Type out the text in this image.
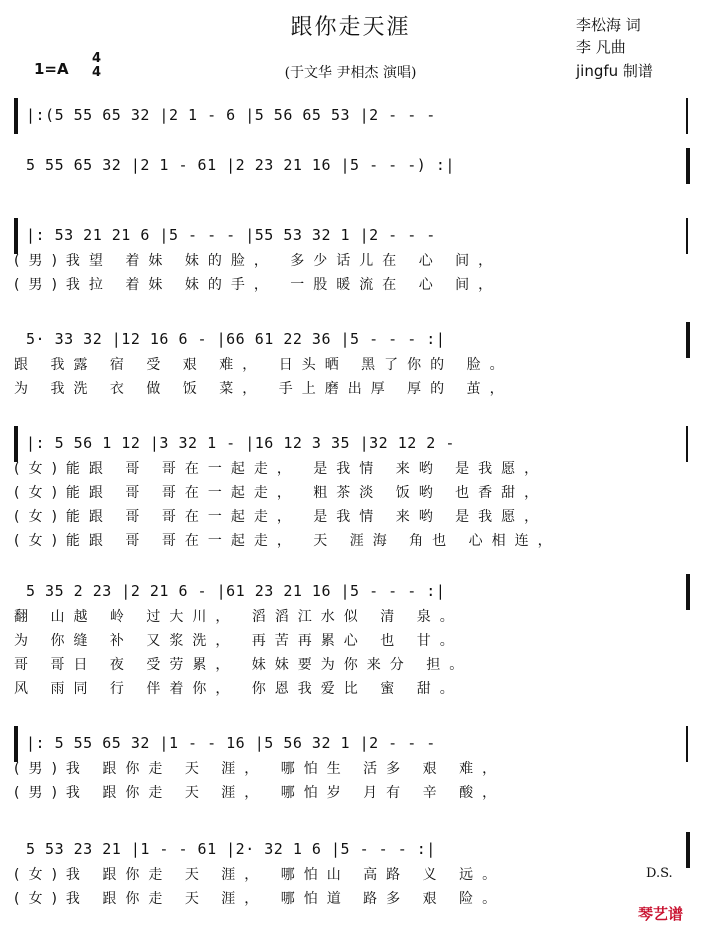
跟你走天涯	李松海 词
李 凡曲
jingfu 制谱
1=A
4
4	(于文华 尹相杰 演唱)
|:(5 55 65 32 |2 1 - 6 |5 56 65 53 |2 - - -
5 55 65 32 |2 1 - 61 |2 23 21 16 |5 - - -) :|
|: 53 21 21 6 |5 - - - |55 53 32 1 |2 - - -
(男)我望 着妹 妹的脸， 多少话儿在 心 间，
(男)我拉 着妹 妹的手， 一股暖流在 心 间，
5· 33 32 |12 16 6 - |66 61 22 36 |5 - - - :|
跟 我露 宿 受 艰 难， 日头晒 黑了你的 脸。
为 我洗 衣 做 饭 菜， 手上磨出厚 厚的 茧，
|: 5 56 1 12 |3 32 1 - |16 12 3 35 |32 12 2 -
(女)能跟 哥 哥在一起走， 是我情 来哟 是我愿，
(女)能跟 哥 哥在一起走， 粗茶淡 饭哟 也香甜，
(女)能跟 哥 哥在一起走， 是我情 来哟 是我愿，
(女)能跟 哥 哥在一起走， 天 涯海 角也 心相连，
5 35 2 23 |2 21 6 - |61 23 21 16 |5 - - - :|
翻 山越 岭 过大川， 滔滔江水似 清 泉。
为 你缝 补 又浆洗， 再苦再累心 也 甘。
哥 哥日 夜 受劳累， 妹妹要为你来分 担。
风 雨同 行 伴着你， 你恩我爱比 蜜 甜。
|: 5 55 65 32 |1 - - 16 |5 56 32 1 |2 - - -
(男)我 跟你走 天 涯， 哪怕生 活多 艰 难，
(男)我 跟你走 天 涯， 哪怕岁 月有 辛 酸，
5 53 23 21 |1 - - 61 |2· 32 1 6 |5 - - - :|
(女)我 跟你走 天 涯， 哪怕山 高路 义 远。
(女)我 跟你走 天 涯， 哪怕道 路多 艰 险。
D.S.
琴艺谱
